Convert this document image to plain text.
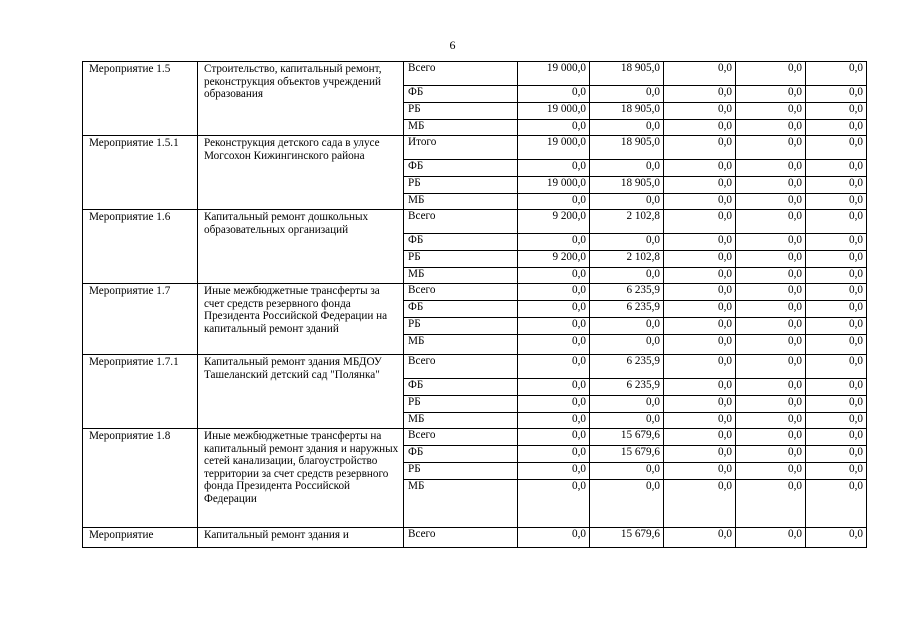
6
Мероприятие 1.5	Строительство, капитальный ремонт, реконструкция объектов учреждений образования	Всего	19 000,0	18 905,0	0,0	0,0	0,0
		ФБ	0,0	0,0	0,0	0,0	0,0
		РБ	19 000,0	18 905,0	0,0	0,0	0,0
		МБ	0,0	0,0	0,0	0,0	0,0
Мероприятие 1.5.1	Реконструкция детского сада в улусе Могсохон Кижингинского района	Итого	19 000,0	18 905,0	0,0	0,0	0,0
		ФБ	0,0	0,0	0,0	0,0	0,0
		РБ	19 000,0	18 905,0	0,0	0,0	0,0
		МБ	0,0	0,0	0,0	0,0	0,0
Мероприятие 1.6	Капитальный ремонт дошкольных образовательных организаций	Всего	9 200,0	2 102,8	0,0	0,0	0,0
		ФБ	0,0	0,0	0,0	0,0	0,0
		РБ	9 200,0	2 102,8	0,0	0,0	0,0
		МБ	0,0	0,0	0,0	0,0	0,0
Мероприятие 1.7	Иные межбюджетные трансферты за счет средств резервного фонда Президента Российской Федерации на капитальный ремонт зданий	Всего	0,0	6 235,9	0,0	0,0	0,0
		ФБ	0,0	6 235,9	0,0	0,0	0,0
		РБ	0,0	0,0	0,0	0,0	0,0
		МБ	0,0	0,0	0,0	0,0	0,0
Мероприятие 1.7.1	Капитальный ремонт здания МБДОУ Ташеланский детский сад "Полянка"	Всего	0,0	6 235,9	0,0	0,0	0,0
		ФБ	0,0	6 235,9	0,0	0,0	0,0
		РБ	0,0	0,0	0,0	0,0	0,0
		МБ	0,0	0,0	0,0	0,0	0,0
Мероприятие 1.8	Иные межбюджетные трансферты на капитальный ремонт здания и наружных сетей канализации, благоустройство территории за счет средств резервного фонда Президента Российской Федерации	Всего	0,0	15 679,6	0,0	0,0	0,0
		ФБ	0,0	15 679,6	0,0	0,0	0,0
		РБ	0,0	0,0	0,0	0,0	0,0
		МБ	0,0	0,0	0,0	0,0	0,0
Мероприятие	Капитальный ремонт здания и	Всего	0,0	15 679,6	0,0	0,0	0,0
